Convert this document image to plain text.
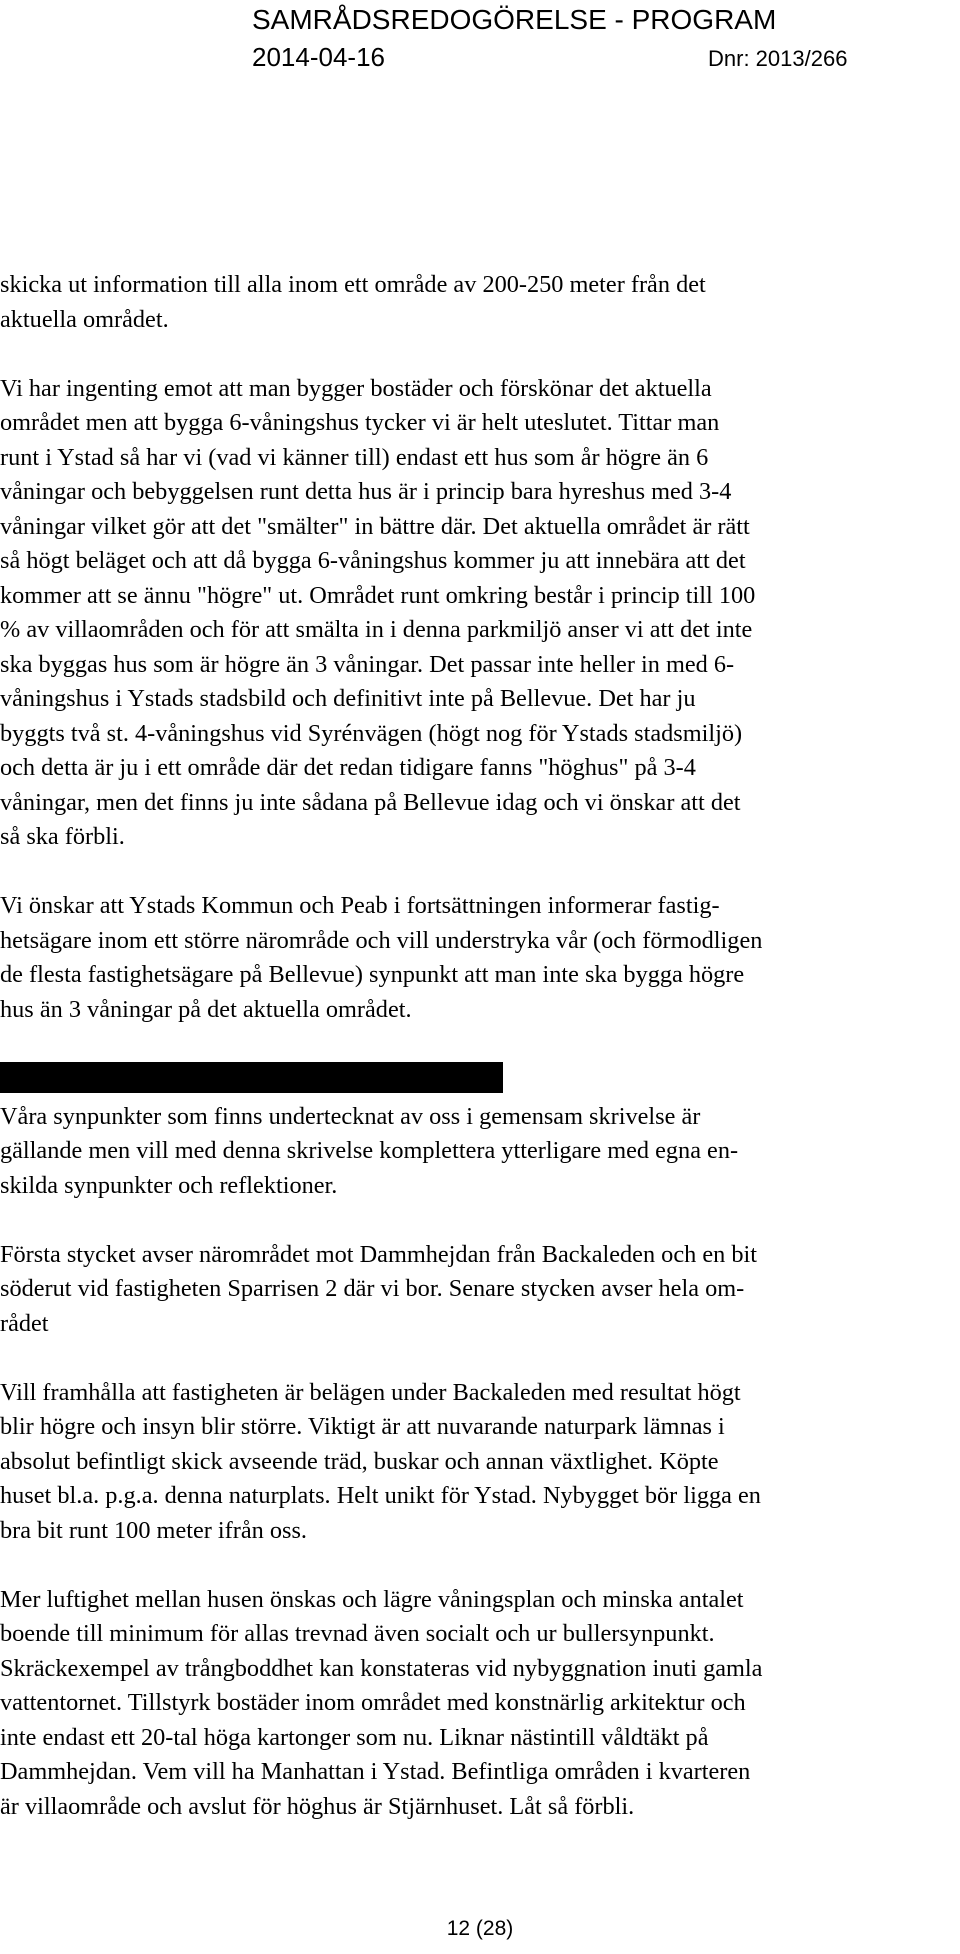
SAMRÅDSREDOGÖRELSE - PROGRAM
2014-04-16	Dnr: 2013/266

skicka ut information till alla inom ett område av 200-250 meter från det
aktuella området.

Vi har ingenting emot att man bygger bostäder och förskönar det aktuella
området men att bygga 6-våningshus tycker vi är helt uteslutet. Tittar man
runt i Ystad så har vi (vad vi känner till) endast ett hus som år högre än 6
våningar och bebyggelsen runt detta hus är i princip bara hyreshus med 3-4
våningar vilket gör att det "smälter" in bättre där. Det aktuella området är rätt
så högt beläget och att då bygga 6-våningshus kommer ju att innebära att det
kommer att se ännu "högre" ut. Området runt omkring består i princip till 100
% av villaområden och för att smälta in i denna parkmiljö anser vi att det inte
ska byggas hus som är högre än 3 våningar. Det passar inte heller in med 6-
våningshus i Ystads stadsbild och definitivt inte på Bellevue. Det har ju
byggts två st. 4-våningshus vid Syrénvägen (högt nog för Ystads stadsmiljö)
och detta är ju i ett område där det redan tidigare fanns "höghus" på 3-4
våningar, men det finns ju inte sådana på Bellevue idag och vi önskar att det
så ska förbli.

Vi önskar att Ystads Kommun och Peab i fortsättningen informerar fastig-
hetsägare inom ett större närområde och vill understryka vår (och förmodligen
de flesta fastighetsägare på Bellevue) synpunkt att man inte ska bygga högre
hus än 3 våningar på det aktuella området.

Våra synpunkter som finns undertecknat av oss i gemensam skrivelse är
gällande men vill med denna skrivelse komplettera ytterligare med egna en-
skilda synpunkter och reflektioner.

Första stycket avser närområdet mot Dammhejdan från Backaleden och en bit
söderut vid fastigheten Sparrisen 2 där vi bor. Senare stycken avser hela om-
rådet

Vill framhålla att fastigheten är belägen under Backaleden med resultat högt
blir högre och insyn blir större. Viktigt är att nuvarande naturpark lämnas i
absolut befintligt skick avseende träd, buskar och annan växtlighet. Köpte
huset bl.a. p.g.a. denna naturplats. Helt unikt för Ystad. Nybygget bör ligga en
bra bit runt 100 meter ifrån oss.

Mer luftighet mellan husen önskas och lägre våningsplan och minska antalet
boende till minimum för allas trevnad även socialt och ur bullersynpunkt.
Skräckexempel av trångboddhet kan konstateras vid nybyggnation inuti gamla
vattentornet. Tillstyrk bostäder inom området med konstnärlig arkitektur och
inte endast ett 20-tal höga kartonger som nu. Liknar nästintill våldtäkt på
Dammhejdan. Vem vill ha Manhattan i Ystad. Befintliga områden i kvarteren
är villaområde och avslut för höghus är Stjärnhuset. Låt så förbli.

12 (28)
